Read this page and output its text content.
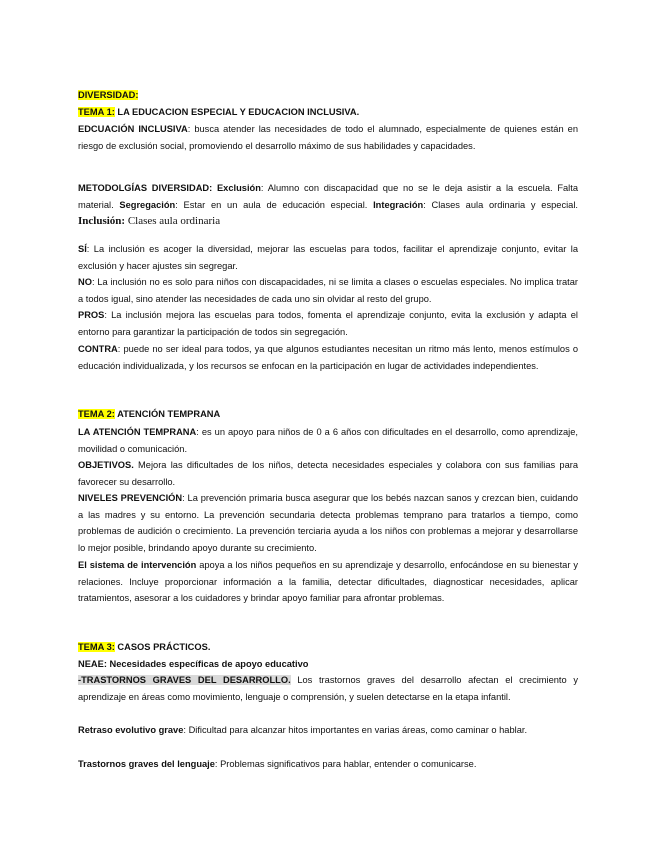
DIVERSIDAD:
TEMA 1: LA EDUCACION ESPECIAL Y EDUCACION INCLUSIVA.
EDCUACIÓN INCLUSIVA: busca atender las necesidades de todo el alumnado, especialmente de quienes están en riesgo de exclusión social, promoviendo el desarrollo máximo de sus habilidades y capacidades.
METODOLGÍAS DIVERSIDAD: Exclusión: Alumno con discapacidad que no se le deja asistir a la escuela. Falta material. Segregación: Estar en un aula de educación especial. Integración: Clases aula ordinaria y especial. Inclusión: Clases aula ordinaria
SÍ: La inclusión es acoger la diversidad, mejorar las escuelas para todos, facilitar el aprendizaje conjunto, evitar la exclusión y hacer ajustes sin segregar.
NO: La inclusión no es solo para niños con discapacidades, ni se limita a clases o escuelas especiales. No implica tratar a todos igual, sino atender las necesidades de cada uno sin olvidar al resto del grupo.
PROS: La inclusión mejora las escuelas para todos, fomenta el aprendizaje conjunto, evita la exclusión y adapta el entorno para garantizar la participación de todos sin segregación.
CONTRA: puede no ser ideal para todos, ya que algunos estudiantes necesitan un ritmo más lento, menos estímulos o educación individualizada, y los recursos se enfocan en la participación en lugar de actividades independientes.
TEMA 2: ATENCIÓN TEMPRANA
LA ATENCIÓN TEMPRANA: es un apoyo para niños de 0 a 6 años con dificultades en el desarrollo, como aprendizaje, movilidad o comunicación.
OBJETIVOS. Mejora las dificultades de los niños, detecta necesidades especiales y colabora con sus familias para favorecer su desarrollo.
NIVELES PREVENCIÓN: La prevención primaria busca asegurar que los bebés nazcan sanos y crezcan bien, cuidando a las madres y su entorno. La prevención secundaria detecta problemas temprano para tratarlos a tiempo, como problemas de audición o crecimiento. La prevención terciaria ayuda a los niños con problemas a mejorar y desarrollarse lo mejor posible, brindando apoyo durante su crecimiento.
El sistema de intervención apoya a los niños pequeños en su aprendizaje y desarrollo, enfocándose en su bienestar y relaciones. Incluye proporcionar información a la familia, detectar dificultades, diagnosticar necesidades, aplicar tratamientos, asesorar a los cuidadores y brindar apoyo familiar para afrontar problemas.
TEMA 3: CASOS PRÁCTICOS.
NEAE: Necesidades específicas de apoyo educativo
-TRASTORNOS GRAVES DEL DESARROLLO. Los trastornos graves del desarrollo afectan el crecimiento y aprendizaje en áreas como movimiento, lenguaje o comprensión, y suelen detectarse en la etapa infantil.
Retraso evolutivo grave: Dificultad para alcanzar hitos importantes en varias áreas, como caminar o hablar.
Trastornos graves del lenguaje: Problemas significativos para hablar, entender o comunicarse.
